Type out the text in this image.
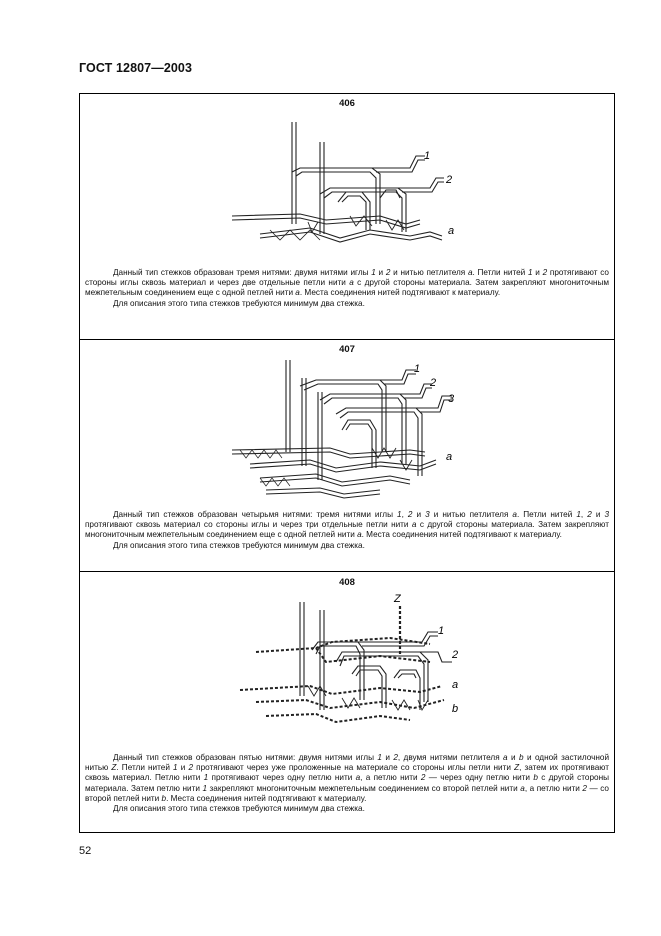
ГОСТ 12807—2003
406
1
2
a

Данный тип стежков образован тремя нитями: двумя нитями иглы 1 и 2 и нитью петлителя a. Петли нитей 1 и 2 протягивают со стороны иглы сквозь материал и через две отдельные петли нити a с другой стороны материала. Затем закрепляют многониточным межпетельным соединением еще с одной петлей нити a. Места соединения нитей подтягивают к материалу.

Для описания этого типа стежков требуются минимум два стежка.

407
1
2
3
a

Данный тип стежков образован четырьмя нитями: тремя нитями иглы 1, 2 и 3 и нитью петлителя a. Петли нитей 1, 2 и 3 протягивают сквозь материал со стороны иглы и через три отдельные петли нити a с другой стороны материала. Затем закрепляют многониточным межпетельным соединением еще с одной петлей нити a. Места соединения нитей подтягивают к материалу.

Для описания этого типа стежков требуются минимум два стежка.

408
Z
1
2
a
b

Данный тип стежков образован пятью нитями: двумя нитями иглы 1 и 2, двумя нитями петлителя a и b и одной застилочной нитью Z. Петли нитей 1 и 2 протягивают через уже проложенные на материале со стороны иглы петли нити Z, затем их протягивают сквозь материал. Петлю нити 1 протягивают через одну петлю нити a, а петлю нити 2 — через одну петлю нити b с другой стороны материала. Затем петлю нити 1 закрепляют многониточным межпетельным соединением со второй петлей нити a, а петлю нити 2 — со второй петлей нити b. Места соединения нитей подтягивают к материалу.

Для описания этого типа стежков требуются минимум два стежка.

52
